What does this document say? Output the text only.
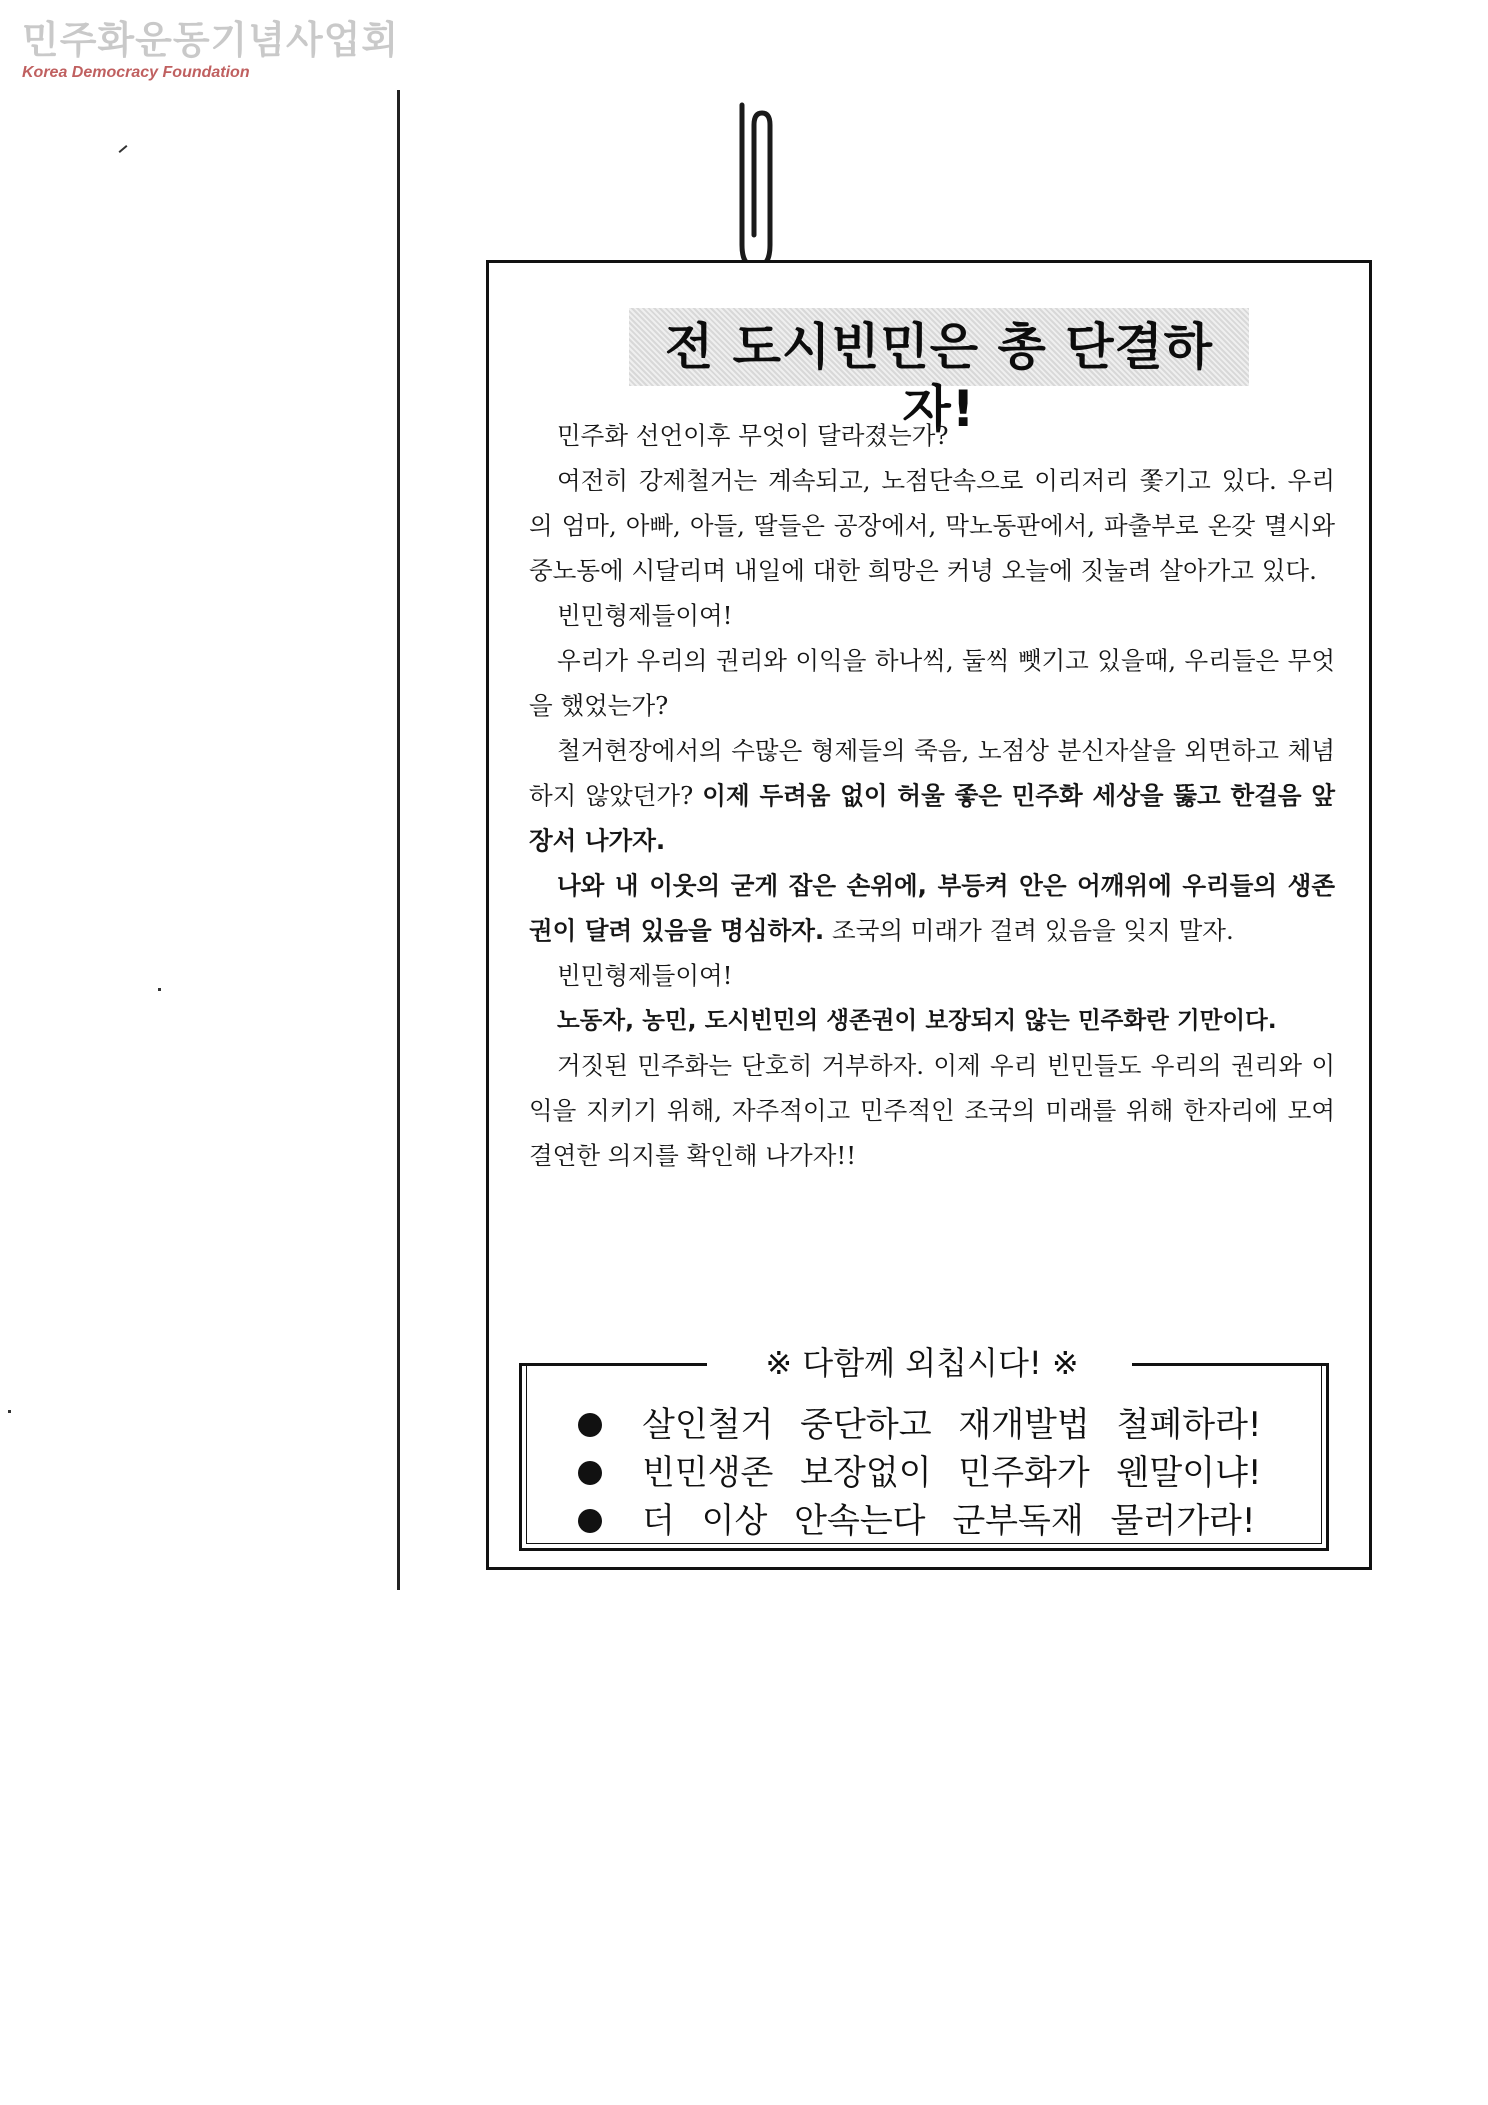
민주화운동기념사업회
Korea Democracy Foundation
전 도시빈민은 총 단결하자!

민주화 선언이후 무엇이 달라졌는가?

여전히 강제철거는 계속되고, 노점단속으로 이리저리 쫓기고 있다. 우리의 엄마, 아빠, 아들, 딸들은 공장에서, 막노동판에서, 파출부로 온갖 멸시와 중노동에 시달리며 내일에 대한 희망은 커녕 오늘에 짓눌려 살아가고 있다.

빈민형제들이여!

우리가 우리의 권리와 이익을 하나씩, 둘씩 뺏기고 있을때, 우리들은 무엇을 했었는가?

철거현장에서의 수많은 형제들의 죽음, 노점상 분신자살을 외면하고 체념하지 않았던가? 이제 두려움 없이 허울 좋은 민주화 세상을 뚫고 한걸음 앞장서 나가자.

나와 내 이웃의 굳게 잡은 손위에, 부등켜 안은 어깨위에 우리들의 생존권이 달려 있음을 명심하자. 조국의 미래가 걸려 있음을 잊지 말자.

빈민형제들이여!

노동자, 농민, 도시빈민의 생존권이 보장되지 않는 민주화란 기만이다.

거짓된 민주화는 단호히 거부하자. 이제 우리 빈민들도 우리의 권리와 이익을 지키기 위해, 자주적이고 민주적인 조국의 미래를 위해 한자리에 모여 결연한 의지를 확인해 나가자!!

※ 다함께 외칩시다! ※
살인철거 중단하고 재개발법 철폐하라!
빈민생존 보장없이 민주화가 웬말이냐!
더 이상 안속는다 군부독재 물러가라!
